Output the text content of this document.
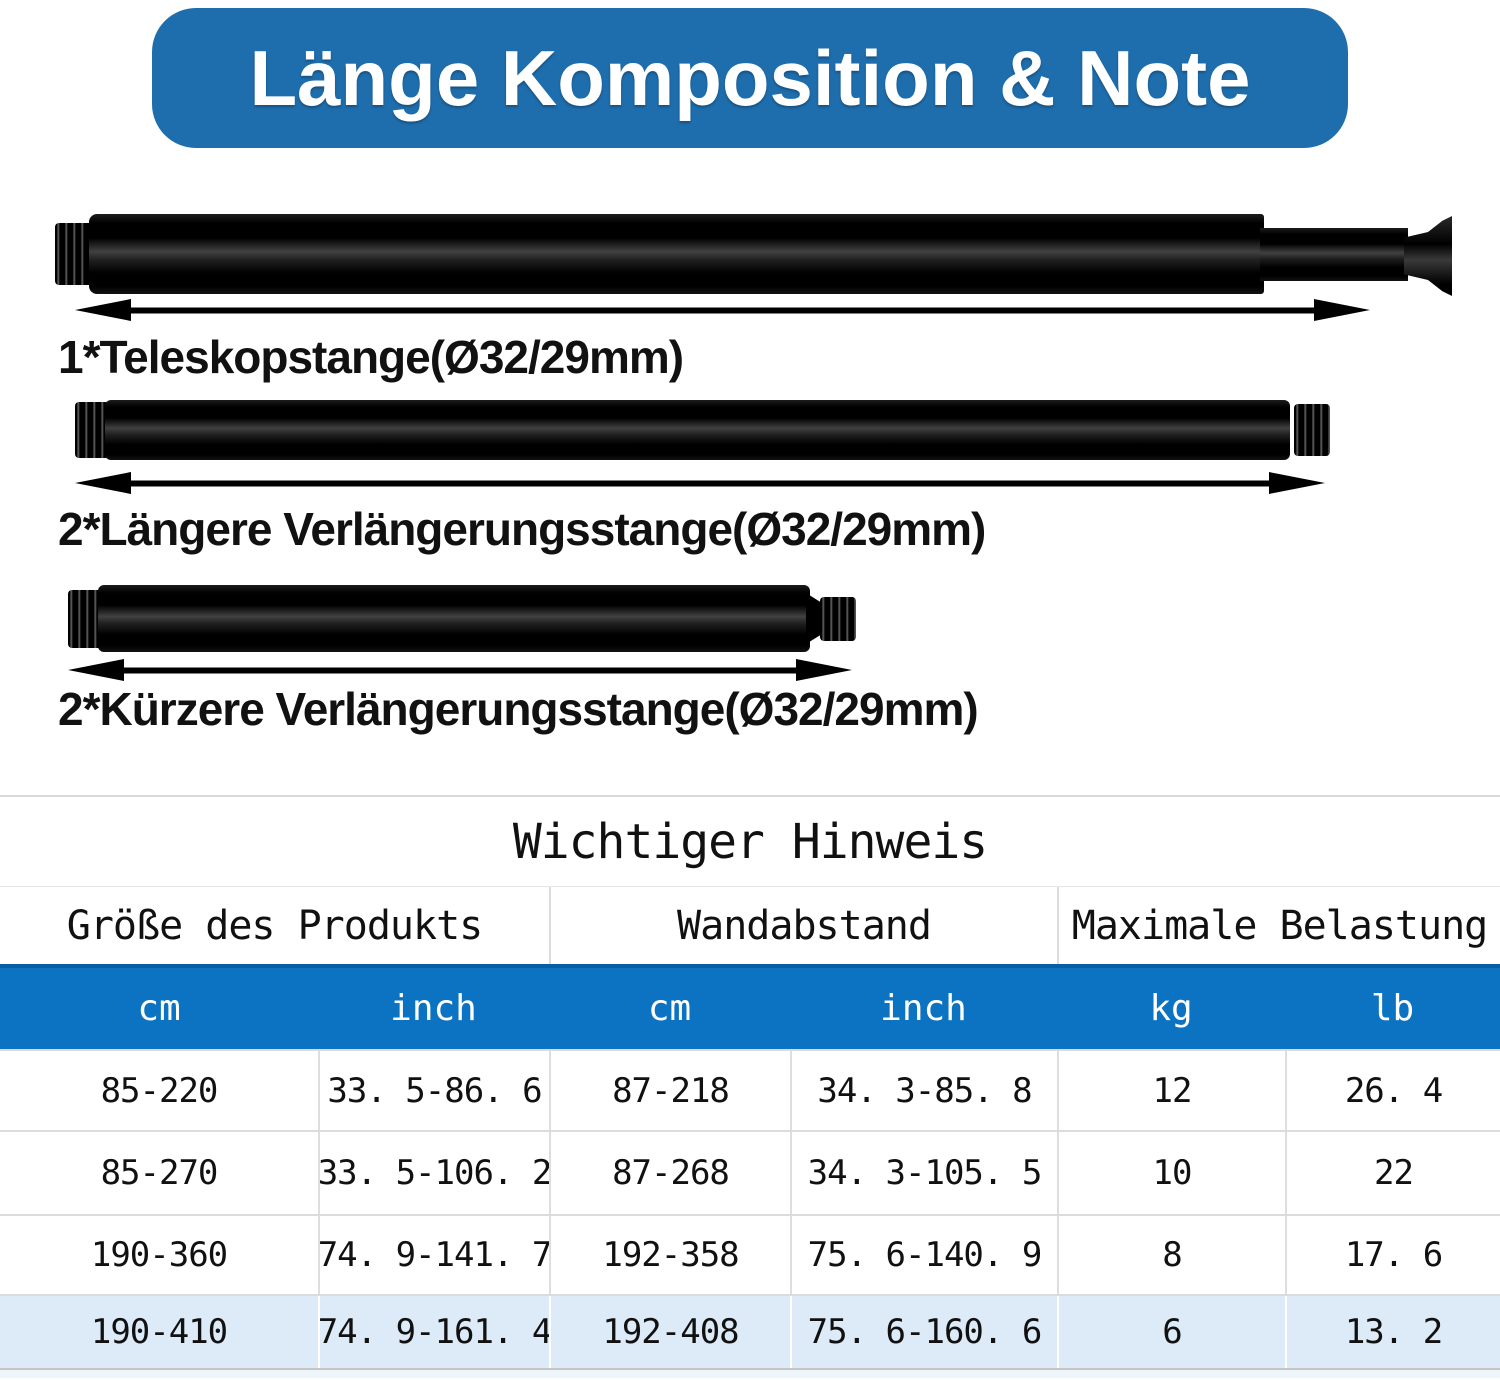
Länge Komposition & Note
1*Teleskopstange(Ø32/29mm)
2*Längere Verlängerungsstange(Ø32/29mm)
2*Kürzere Verlängerungsstange(Ø32/29mm)
Wichtiger Hinweis
Größe des Produkts	Wandabstand	Maximale Belastung
cm	inch	cm	inch	kg	lb
85-220	33. 5-86. 6	87-218	34. 3-85. 8	12	26. 4
85-270	33. 5-106. 2	87-268	34. 3-105. 5	10	22
190-360	74. 9-141. 7	192-358	75. 6-140. 9	8	17. 6
190-410	74. 9-161. 4	192-408	75. 6-160. 6	6	13. 2
